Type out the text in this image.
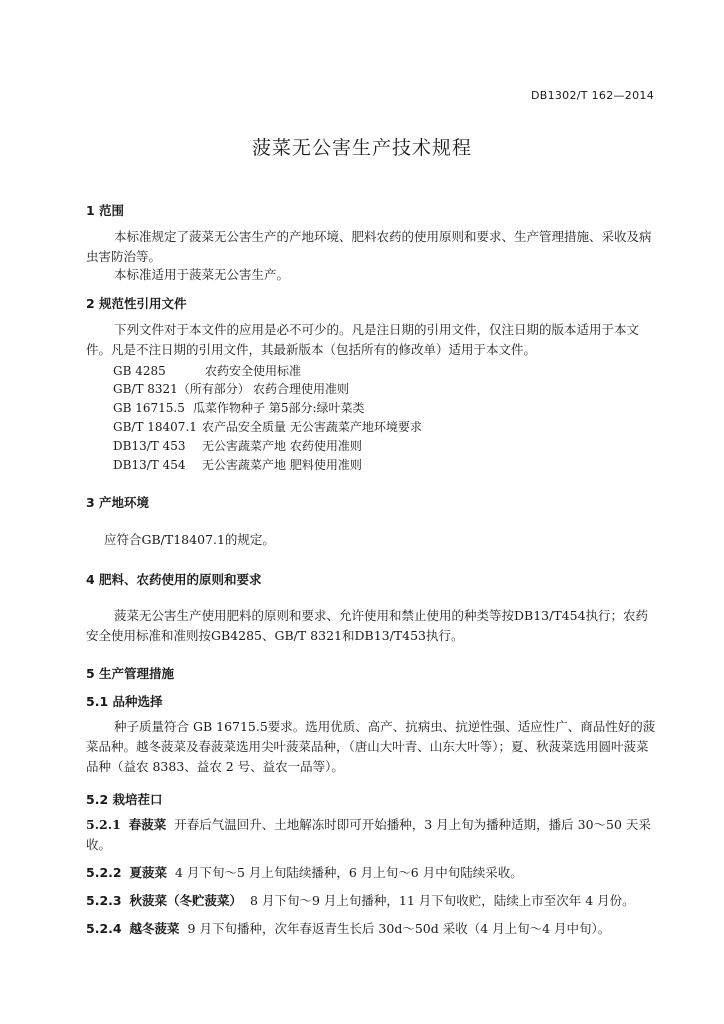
DB1302/T 162—2014
菠菜无公害生产技术规程
1 范围
本标准规定了菠菜无公害生产的产地环境、肥料农药的使用原则和要求、生产管理措施、采收及病虫害防治等。
本标准适用于菠菜无公害生产。
2 规范性引用文件
下列文件对于本文件的应用是必不可少的。凡是注日期的引用文件，仅注日期的版本适用于本文件。凡是不注日期的引用文件，其最新版本（包括所有的修改单）适用于本文件。
GB 4285	农药安全使用标准
GB/T 8321（所有部分） 农药合理使用准则
GB 16715.5 瓜菜作物种子 第5部分:绿叶菜类
GB/T 18407.1 农产品安全质量 无公害蔬菜产地环境要求
DB13/T 453 无公害蔬菜产地 农药使用准则
DB13/T 454 无公害蔬菜产地 肥料使用准则
3 产地环境
应符合GB/T18407.1的规定。
4 肥料、农药使用的原则和要求
菠菜无公害生产使用肥料的原则和要求、允许使用和禁止使用的种类等按DB13/T454执行；农药安全使用标准和准则按GB4285、GB/T 8321和DB13/T453执行。
5 生产管理措施
5.1 品种选择
种子质量符合 GB 16715.5要求。选用优质、高产、抗病虫、抗逆性强、适应性广、商品性好的菠菜品种。越冬菠菜及春菠菜选用尖叶菠菜品种，（唐山大叶青、山东大叶等）；夏、秋菠菜选用圆叶菠菜品种（益农 8383、益农 2 号、益农一品等）。
5.2 栽培茬口
5.2.1 春菠菜 开春后气温回升、土地解冻时即可开始播种，3 月上旬为播种适期，播后 30～50 天采收。
5.2.2 夏菠菜 4 月下旬～5 月上旬陆续播种，6 月上旬～6 月中旬陆续采收。
5.2.3 秋菠菜（冬贮菠菜） 8 月下旬～9 月上旬播种，11 月下旬收贮，陆续上市至次年 4 月份。
5.2.4 越冬菠菜 9 月下旬播种，次年春返青生长后 30d～50d 采收（4 月上旬～4 月中旬）。
